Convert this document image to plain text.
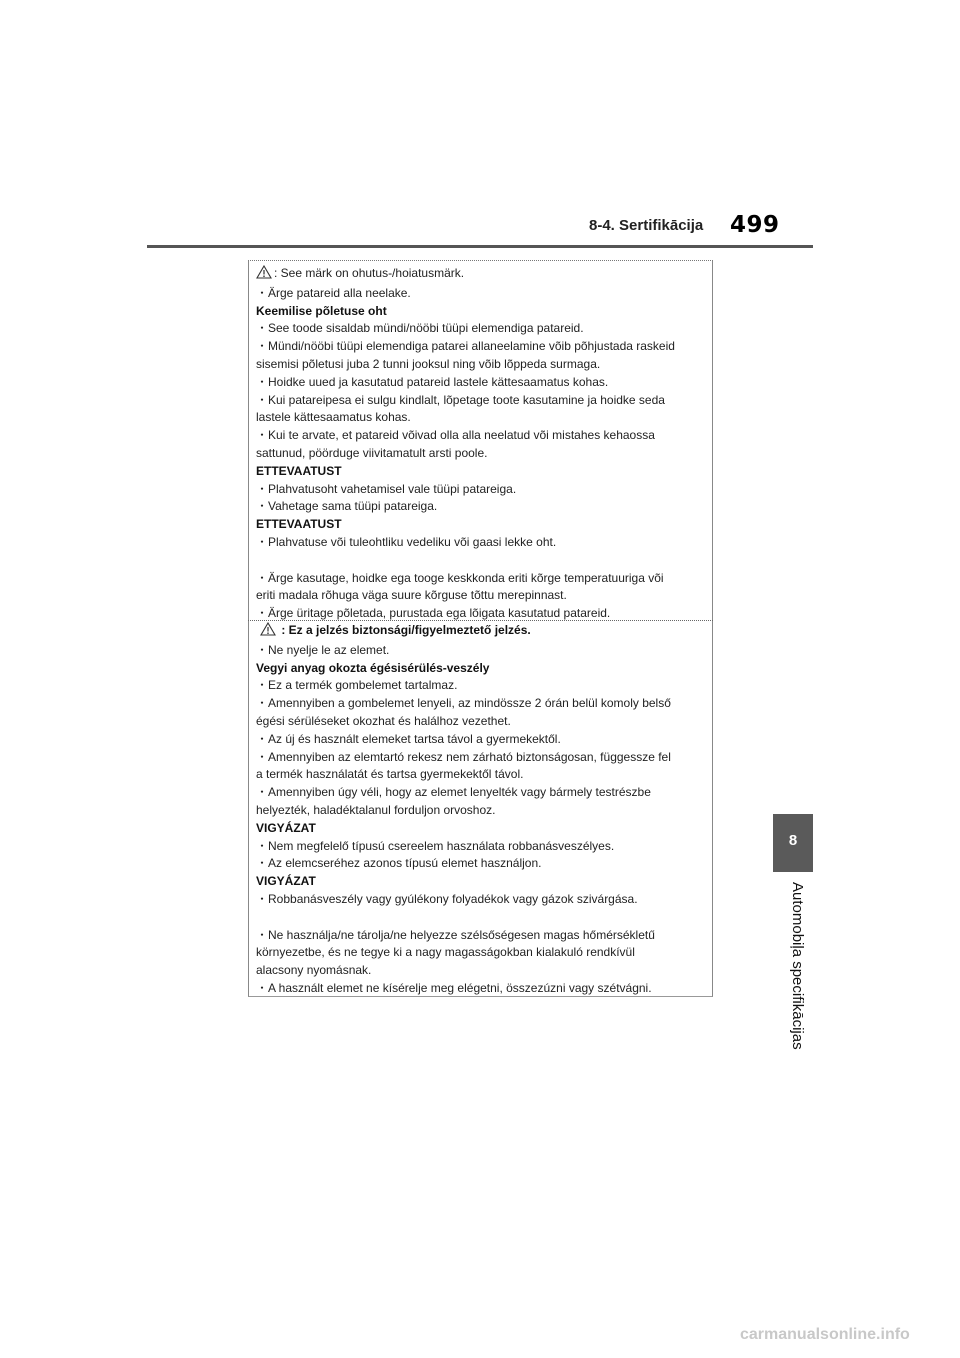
8-4. Sertifikācija 499
8
Automobiļa specifikācijas

: See märk on ohutus-/hoiatusmärk.

・Ärge patareid alla neelake.

Keemilise põletuse oht

・See toode sisaldab mündi/nööbi tüüpi elemendiga patareid.

・Mündi/nööbi tüüpi elemendiga patarei allaneelamine võib põhjustada raskeid

sisemisi põletusi juba 2 tunni jooksul ning võib lõppeda surmaga.

・Hoidke uued ja kasutatud patareid lastele kättesaamatus kohas.

・Kui patareipesa ei sulgu kindlalt, lõpetage toote kasutamine ja hoidke seda

lastele kättesaamatus kohas.

・Kui te arvate, et patareid võivad olla alla neelatud või mistahes kehaossa

sattunud, pöörduge viivitamatult arsti poole.

ETTEVAATUST

・Plahvatusoht vahetamisel vale tüüpi patareiga.

・Vahetage sama tüüpi patareiga.

ETTEVAATUST

・Plahvatuse või tuleohtliku vedeliku või gaasi lekke oht.

・Ärge kasutage, hoidke ega tooge keskkonda eriti kõrge temperatuuriga või

eriti madala rõhuga väga suure kõrguse tõttu merepinnast.

・Ärge üritage põletada, purustada ega lõigata kasutatud patareid.

: Ez a jelzés biztonsági/figyelmeztető jelzés.

・Ne nyelje le az elemet.

Vegyi anyag okozta égésisérülés-veszély

・Ez a termék gombelemet tartalmaz.

・Amennyiben a gombelemet lenyeli, az mindössze 2 órán belül komoly belső

égési sérüléseket okozhat és halálhoz vezethet.

・Az új és használt elemeket tartsa távol a gyermekektől.

・Amennyiben az elemtartó rekesz nem zárható biztonságosan, függessze fel

a termék használatát és tartsa gyermekektől távol.

・Amennyiben úgy véli, hogy az elemet lenyelték vagy bármely testrészbe

helyezték, haladéktalanul forduljon orvoshoz.

VIGYÁZAT

・Nem megfelelő típusú csereelem használata robbanásveszélyes.

・Az elemcseréhez azonos típusú elemet használjon.

VIGYÁZAT

・Robbanásveszély vagy gyúlékony folyadékok vagy gázok szivárgása.

・Ne használja/ne tárolja/ne helyezze szélsőségesen magas hőmérsékletű

környezetbe, és ne tegye ki a nagy magasságokban kialakuló rendkívül

alacsony nyomásnak.

・A használt elemet ne kísérelje meg elégetni, összezúzni vagy szétvágni.

carmanualsonline.info
